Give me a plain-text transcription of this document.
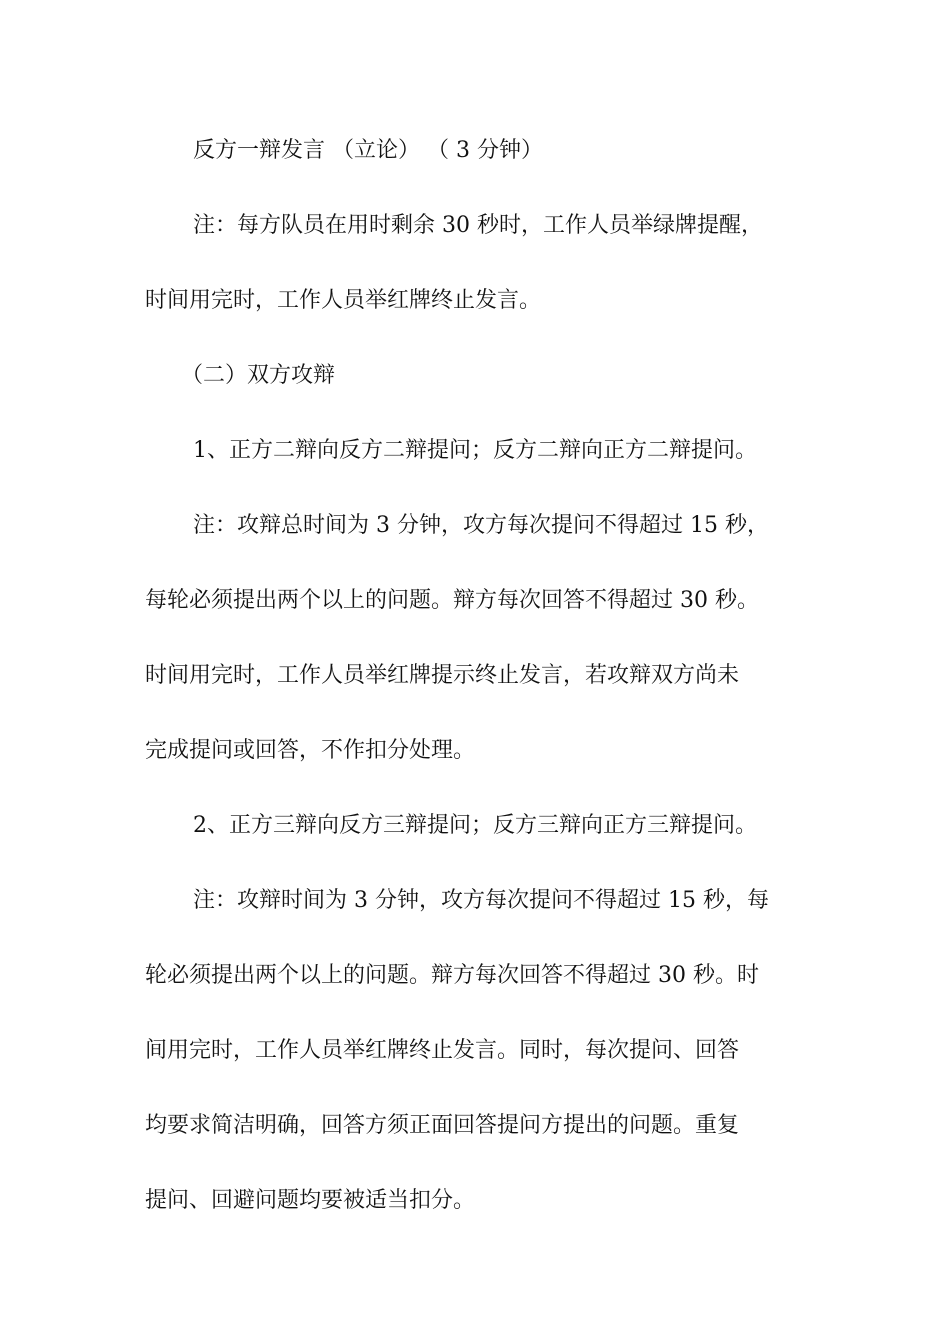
反方一辩发言 （立论） （ 3 分钟）
注：每方队员在用时剩余 30 秒时，工作人员举绿牌提醒，
时间用完时，工作人员举红牌终止发言。
（二）双方攻辩
1、正方二辩向反方二辩提问；反方二辩向正方二辩提问。
注：攻辩总时间为 3 分钟，攻方每次提问不得超过 15 秒，
每轮必须提出两个以上的问题。辩方每次回答不得超过 30 秒。
时间用完时，工作人员举红牌提示终止发言，若攻辩双方尚未
完成提问或回答，不作扣分处理。
2、正方三辩向反方三辩提问；反方三辩向正方三辩提问。
注：攻辩时间为 3 分钟，攻方每次提问不得超过 15 秒，每
轮必须提出两个以上的问题。辩方每次回答不得超过 30 秒。时
间用完时，工作人员举红牌终止发言。同时，每次提问、回答
均要求简洁明确，回答方须正面回答提问方提出的问题。重复
提问、回避问题均要被适当扣分。
